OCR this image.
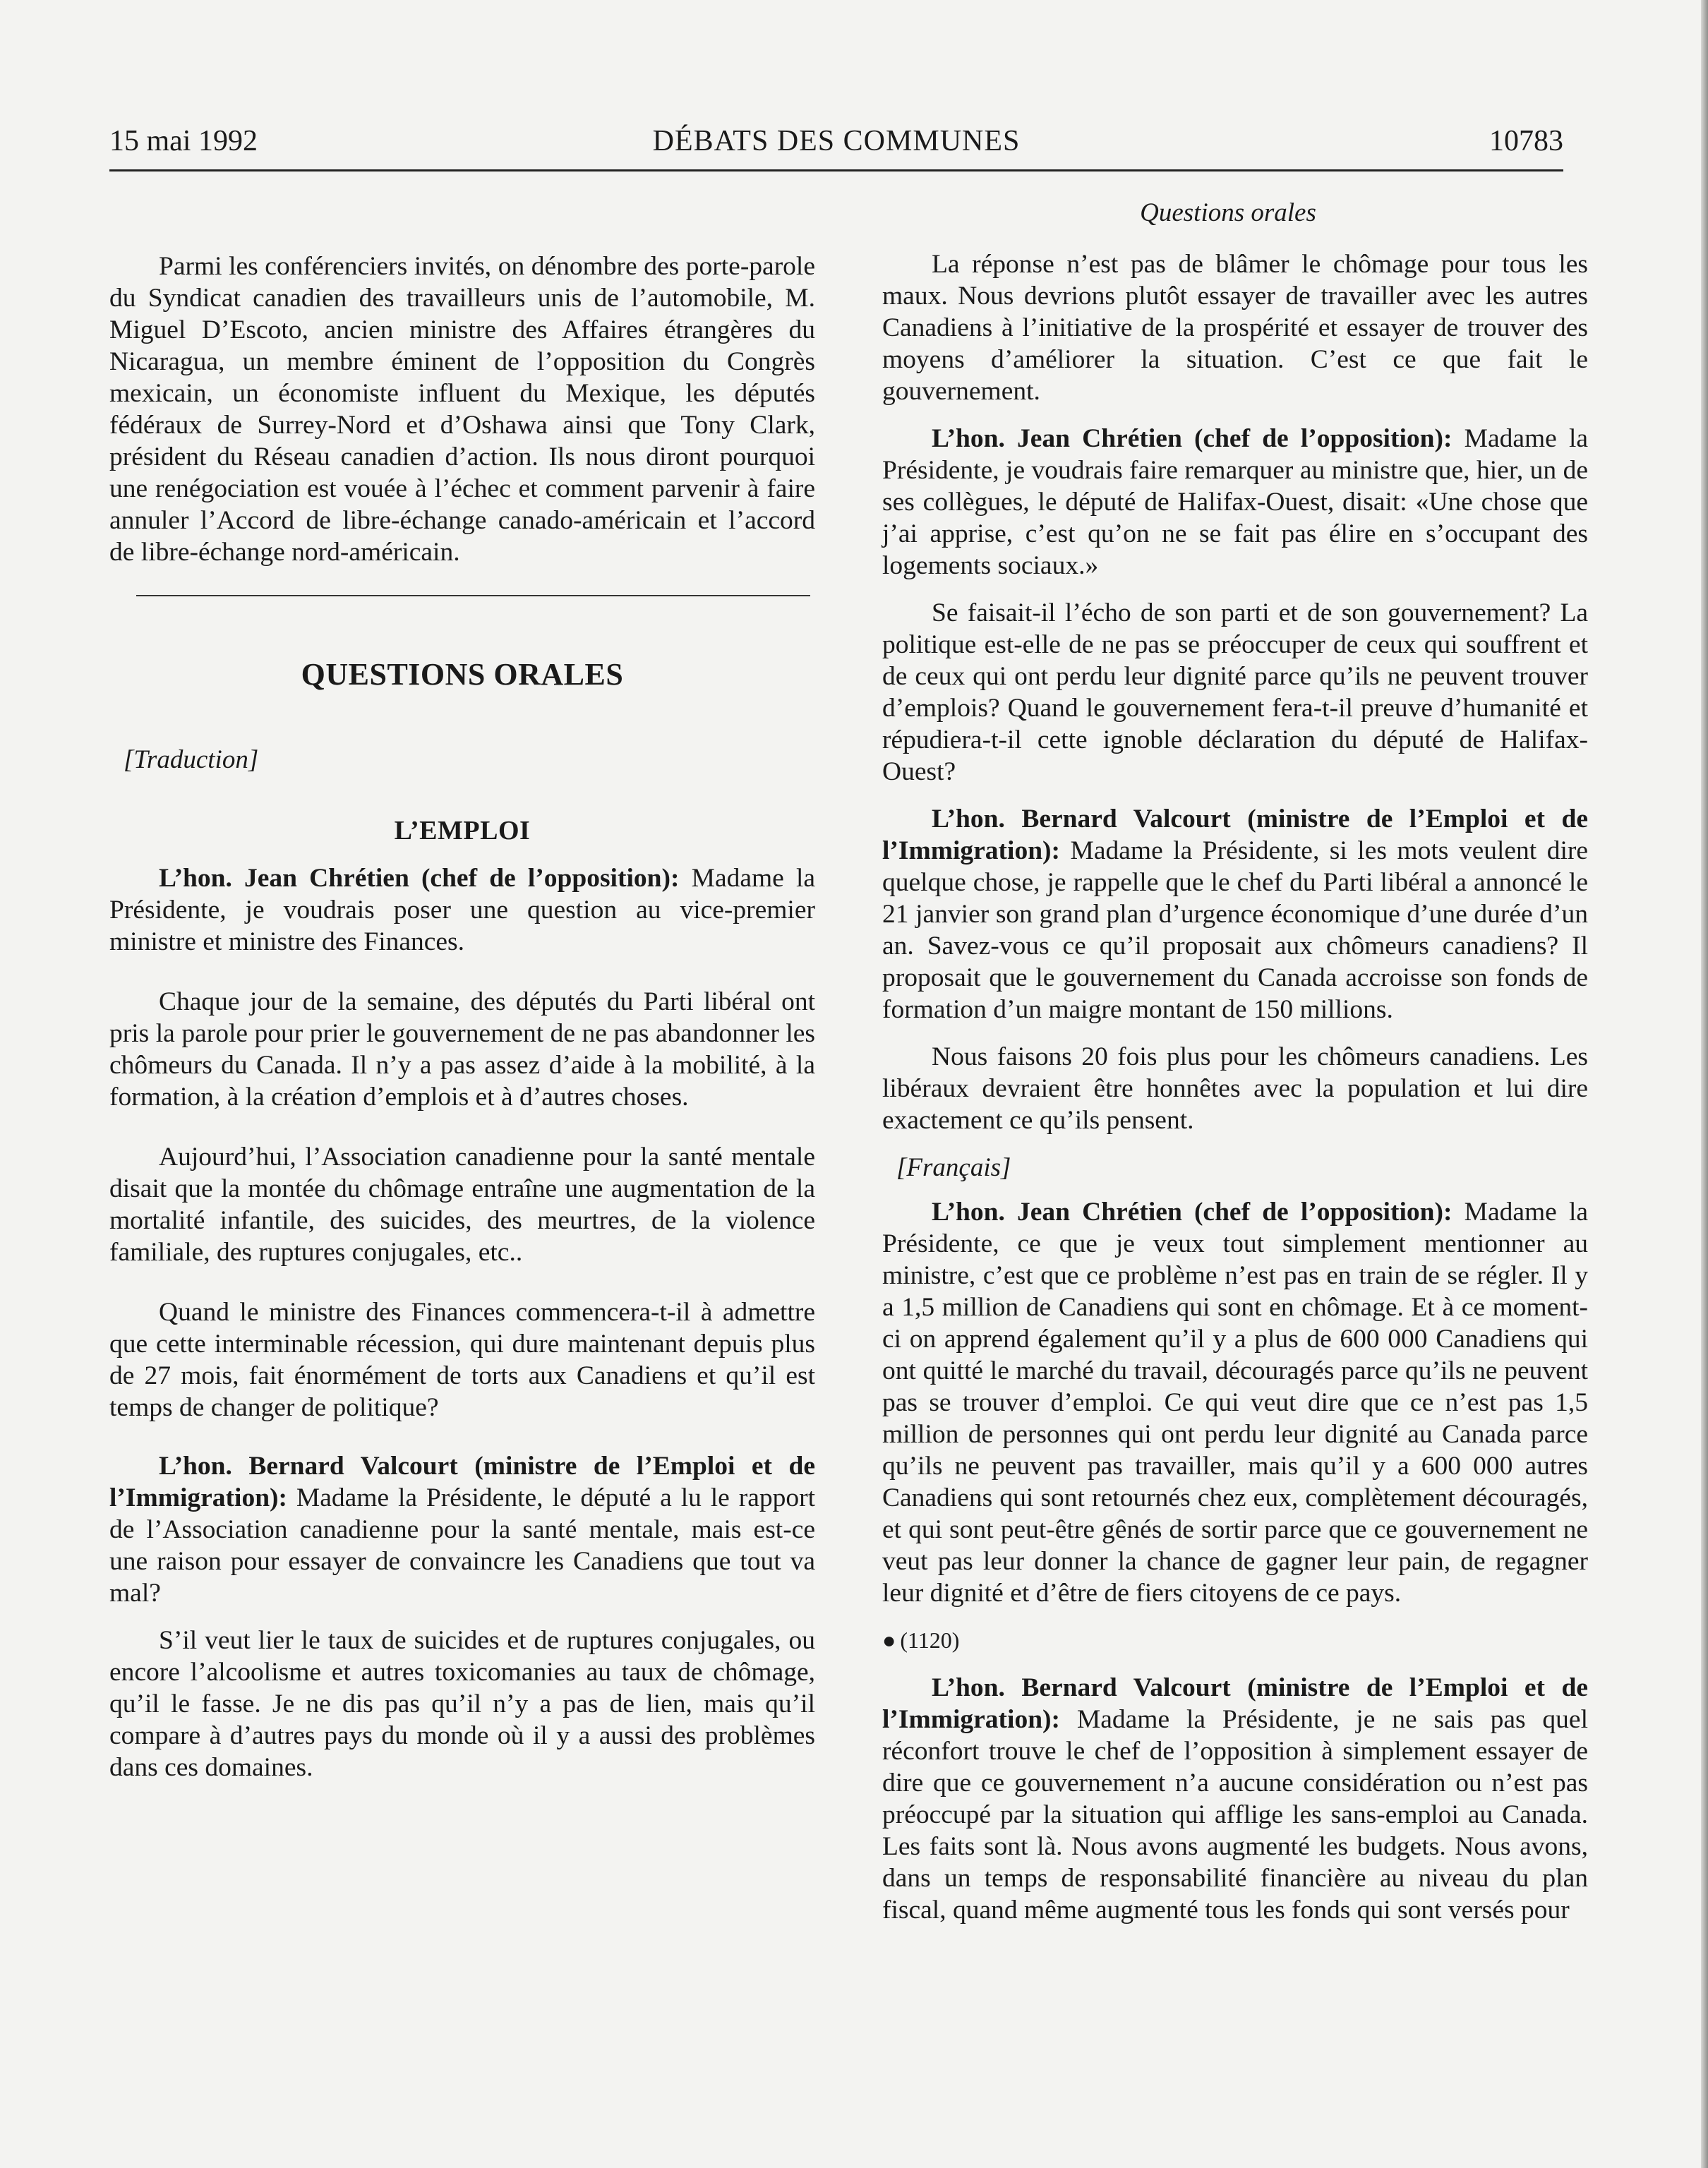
15 mai 1992	DÉBATS DES COMMUNES	10783
Questions orales

Parmi les conférenciers invités, on dénombre des porte-parole du Syndicat canadien des travailleurs unis de l’automobile, M. Miguel D’Escoto, ancien ministre des Affaires étrangères du Nicaragua, un membre éminent de l’opposition du Congrès mexicain, un économiste influent du Mexique, les députés fédéraux de Surrey-Nord et d’Oshawa ainsi que Tony Clark, président du Réseau canadien d’action. Ils nous diront pourquoi une renégociation est vouée à l’échec et comment parvenir à faire annuler l’Accord de libre-échange canado-américain et l’accord de libre-échange nord-américain.

QUESTIONS ORALES
[Traduction]
L’EMPLOI

L’hon. Jean Chrétien (chef de l’opposition): Madame la Présidente, je voudrais poser une question au vice-premier ministre et ministre des Finances.

Chaque jour de la semaine, des députés du Parti libéral ont pris la parole pour prier le gouvernement de ne pas abandonner les chômeurs du Canada. Il n’y a pas assez d’aide à la mobilité, à la formation, à la création d’emplois et à d’autres choses.

Aujourd’hui, l’Association canadienne pour la santé mentale disait que la montée du chômage entraîne une augmentation de la mortalité infantile, des suicides, des meurtres, de la violence familiale, des ruptures conjugales, etc..

Quand le ministre des Finances commencera-t-il à admettre que cette interminable récession, qui dure maintenant depuis plus de 27 mois, fait énormément de torts aux Canadiens et qu’il est temps de changer de politique?

L’hon. Bernard Valcourt (ministre de l’Emploi et de l’Immigration): Madame la Présidente, le député a lu le rapport de l’Association canadienne pour la santé mentale, mais est-ce une raison pour essayer de convaincre les Canadiens que tout va mal?

S’il veut lier le taux de suicides et de ruptures conjugales, ou encore l’alcoolisme et autres toxicomanies au taux de chômage, qu’il le fasse. Je ne dis pas qu’il n’y a pas de lien, mais qu’il compare à d’autres pays du monde où il y a aussi des problèmes dans ces domaines.

La réponse n’est pas de blâmer le chômage pour tous les maux. Nous devrions plutôt essayer de travailler avec les autres Canadiens à l’initiative de la prospérité et essayer de trouver des moyens d’améliorer la situation. C’est ce que fait le gouvernement.

L’hon. Jean Chrétien (chef de l’opposition): Madame la Présidente, je voudrais faire remarquer au ministre que, hier, un de ses collègues, le député de Halifax-Ouest, disait: «Une chose que j’ai apprise, c’est qu’on ne se fait pas élire en s’occupant des logements sociaux.»

Se faisait-il l’écho de son parti et de son gouvernement? La politique est-elle de ne pas se préoccuper de ceux qui souffrent et de ceux qui ont perdu leur dignité parce qu’ils ne peuvent trouver d’emplois? Quand le gouvernement fera-t-il preuve d’humanité et répudiera-t-il cette ignoble déclaration du député de Halifax-Ouest?

L’hon. Bernard Valcourt (ministre de l’Emploi et de l’Immigration): Madame la Présidente, si les mots veulent dire quelque chose, je rappelle que le chef du Parti libéral a annoncé le 21 janvier son grand plan d’urgence économique d’une durée d’un an. Savez-vous ce qu’il proposait aux chômeurs canadiens? Il proposait que le gouvernement du Canada accroisse son fonds de formation d’un maigre montant de 150 millions.

Nous faisons 20 fois plus pour les chômeurs canadiens. Les libéraux devraient être honnêtes avec la population et lui dire exactement ce qu’ils pensent.

[Français]

L’hon. Jean Chrétien (chef de l’opposition): Madame la Présidente, ce que je veux tout simplement mentionner au ministre, c’est que ce problème n’est pas en train de se régler. Il y a 1,5 million de Canadiens qui sont en chômage. Et à ce moment-ci on apprend également qu’il y a plus de 600 000 Canadiens qui ont quitté le marché du travail, découragés parce qu’ils ne peuvent pas se trouver d’emploi. Ce qui veut dire que ce n’est pas 1,5 million de personnes qui ont perdu leur dignité au Canada parce qu’ils ne peuvent pas travailler, mais qu’il y a 600 000 autres Canadiens qui sont retournés chez eux, complètement découragés, et qui sont peut-être gênés de sortir parce que ce gouvernement ne veut pas leur donner la chance de gagner leur pain, de regagner leur dignité et d’être de fiers citoyens de ce pays.

● (1120)

L’hon. Bernard Valcourt (ministre de l’Emploi et de l’Immigration): Madame la Présidente, je ne sais pas quel réconfort trouve le chef de l’opposition à simplement essayer de dire que ce gouvernement n’a aucune considération ou n’est pas préoccupé par la situation qui afflige les sans-emploi au Canada. Les faits sont là. Nous avons augmenté les budgets. Nous avons, dans un temps de responsabilité financière au niveau du plan fiscal, quand même augmenté tous les fonds qui sont versés pour
